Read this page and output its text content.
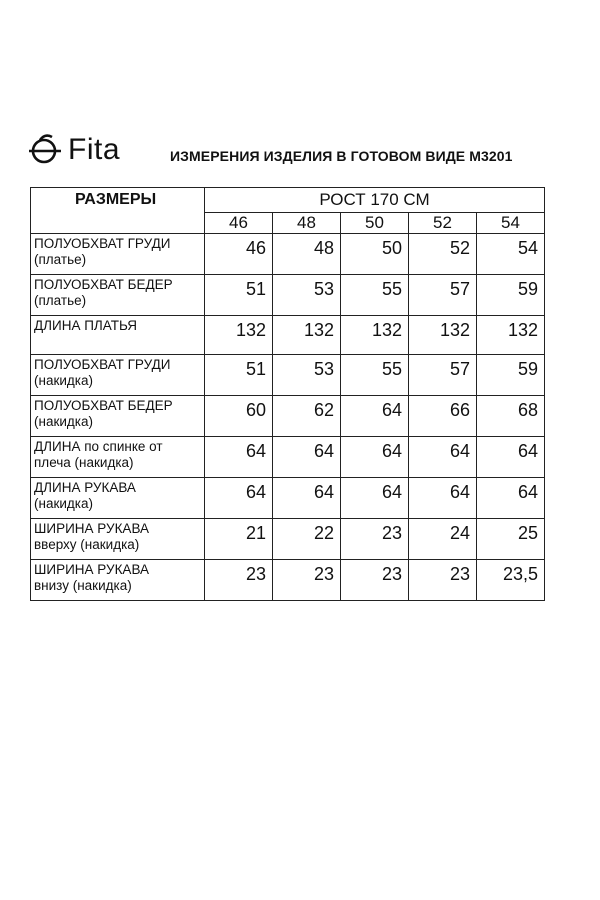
Fita	ИЗМЕРЕНИЯ ИЗДЕЛИЯ В ГОТОВОМ ВИДЕ М3201
РАЗМЕРЫ	РОСТ 170 СМ				
	46	48	50	52	54

ПОЛУОБХВАТ ГРУДИ
(платье)	46	48	50	52	54

ПОЛУОБХВАТ БЕДЕР
(платье)	51	53	55	57	59

ДЛИНА ПЛАТЬЯ	132	132	132	132	132

ПОЛУОБХВАТ ГРУДИ
(накидка)	51	53	55	57	59

ПОЛУОБХВАТ БЕДЕР
(накидка)	60	62	64	66	68

ДЛИНА по спинке от
плеча (накидка)	64	64	64	64	64

ДЛИНА РУКАВА
(накидка)	64	64	64	64	64

ШИРИНА РУКАВА
вверху (накидка)	21	22	23	24	25

ШИРИНА РУКАВА
внизу (накидка)	23	23	23	23	23,5
